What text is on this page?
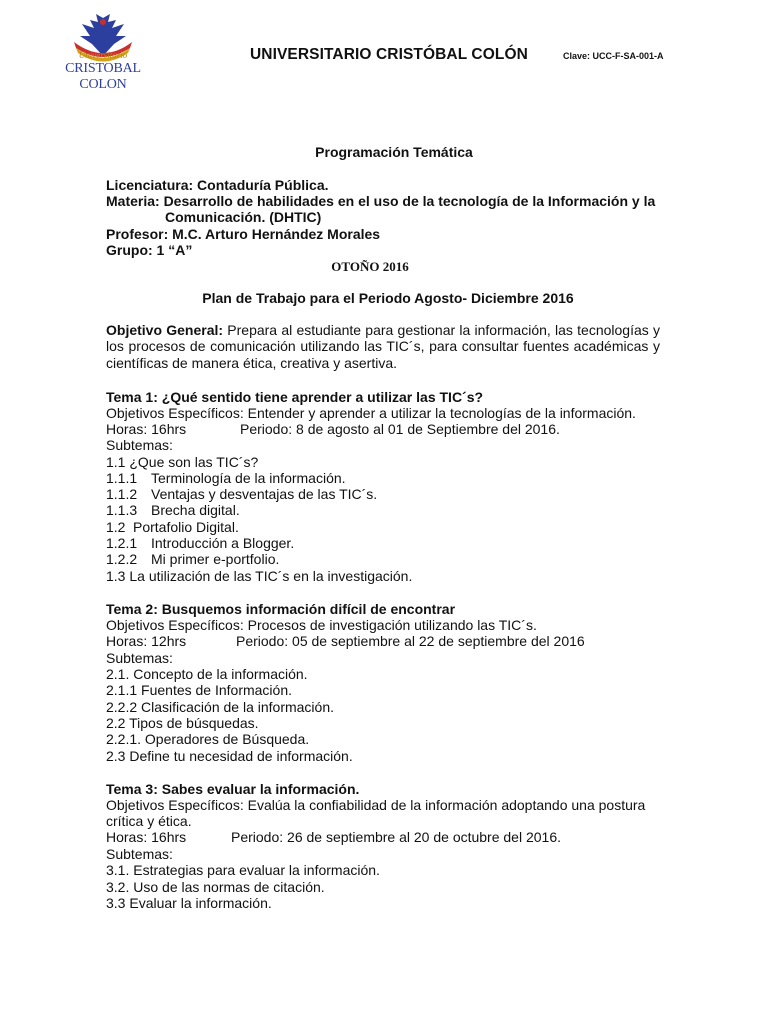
Universitario
CRISTOBAL COLON
UNIVERSITARIO CRISTÓBAL COLÓN	Clave: UCC-F-SA-001-A
Programación Temática
Licenciatura: Contaduría Pública.
Materia: Desarrollo de habilidades en el uso de la tecnología de la Información y la
Comunicación. (DHTIC)
Profesor: M.C. Arturo Hernández Morales
Grupo: 1 “A”
OTOÑO 2016
Plan de Trabajo para el Periodo Agosto- Diciembre 2016
Objetivo General: Prepara al estudiante para gestionar la información, las tecnologías y los procesos de comunicación utilizando las TIC´s, para consultar fuentes académicas y científicas de manera ética, creativa y asertiva.
Tema 1: ¿Qué sentido tiene aprender a utilizar las TIC´s?
Objetivos Específicos: Entender y aprender a utilizar la tecnologías de la información.
Horas: 16hrs	Periodo: 8 de agosto al 01 de Septiembre del 2016.
Subtemas:
1.1 ¿Que son las TIC´s?
1.1.1 Terminología de la información.
1.1.2 Ventajas y desventajas de las TIC´s.
1.1.3 Brecha digital.
1.2 Portafolio Digital.
1.2.1 Introducción a Blogger.
1.2.2 Mi primer e-portfolio.
1.3 La utilización de las TIC´s en la investigación.
Tema 2: Busquemos información difícil de encontrar
Objetivos Específicos: Procesos de investigación utilizando las TIC´s.
Horas: 12hrs	Periodo: 05 de septiembre al 22 de septiembre del 2016
Subtemas:
2.1. Concepto de la información.
2.1.1 Fuentes de Información.
2.2.2 Clasificación de la información.
2.2 Tipos de búsquedas.
2.2.1. Operadores de Búsqueda.
2.3 Define tu necesidad de información.
Tema 3: Sabes evaluar la información.
Objetivos Específicos: Evalúa la confiabilidad de la información adoptando una postura
crítica y ética.
Horas: 16hrs	Periodo: 26 de septiembre al 20 de octubre del 2016.
Subtemas:
3.1. Estrategias para evaluar la información.
3.2. Uso de las normas de citación.
3.3 Evaluar la información.
